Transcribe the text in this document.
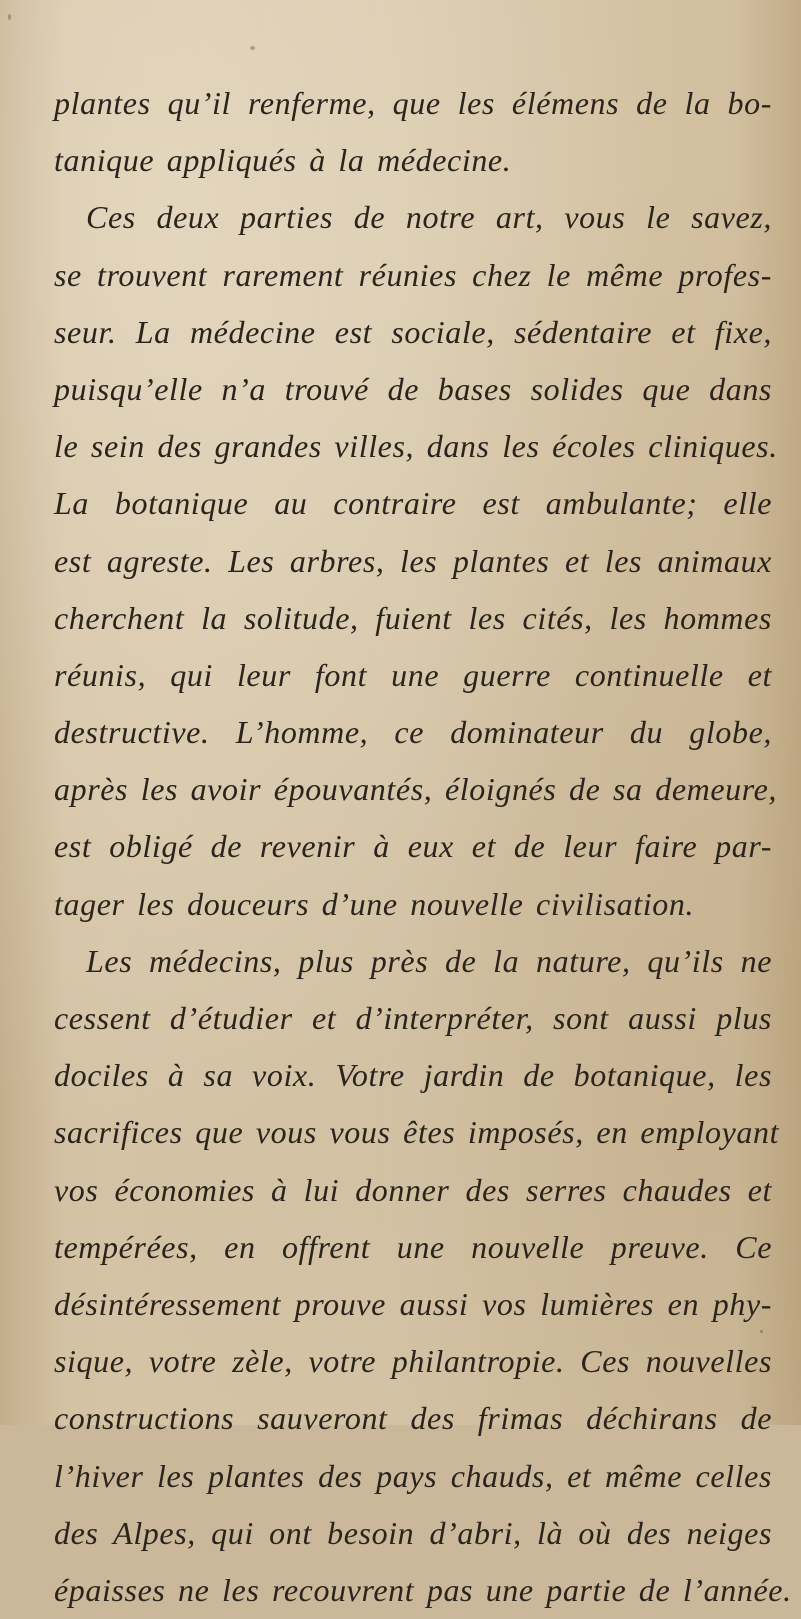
plantes qu’il renferme, que les élémens de la bo-
tanique appliqués à la médecine.
Ces deux parties de notre art, vous le savez,
se trouvent rarement réunies chez le même profes-
seur. La médecine est sociale, sédentaire et fixe,
puisqu’elle n’a trouvé de bases solides que dans
le sein des grandes villes, dans les écoles cliniques.
La botanique au contraire est ambulante; elle
est agreste. Les arbres, les plantes et les animaux
cherchent la solitude, fuient les cités, les hommes
réunis, qui leur font une guerre continuelle et
destructive. L’homme, ce dominateur du globe,
après les avoir épouvantés, éloignés de sa demeure,
est obligé de revenir à eux et de leur faire par-
tager les douceurs d’une nouvelle civilisation.
Les médecins, plus près de la nature, qu’ils ne
cessent d’étudier et d’interpréter, sont aussi plus
dociles à sa voix. Votre jardin de botanique, les
sacrifices que vous vous êtes imposés, en employant
vos économies à lui donner des serres chaudes et
tempérées, en offrent une nouvelle preuve. Ce
désintéressement prouve aussi vos lumières en phy-
sique, votre zèle, votre philantropie. Ces nouvelles
constructions sauveront des frimas déchirans de
l’hiver les plantes des pays chauds, et même celles
des Alpes, qui ont besoin d’abri, là où des neiges
épaisses ne les recouvrent pas une partie de l’année.
